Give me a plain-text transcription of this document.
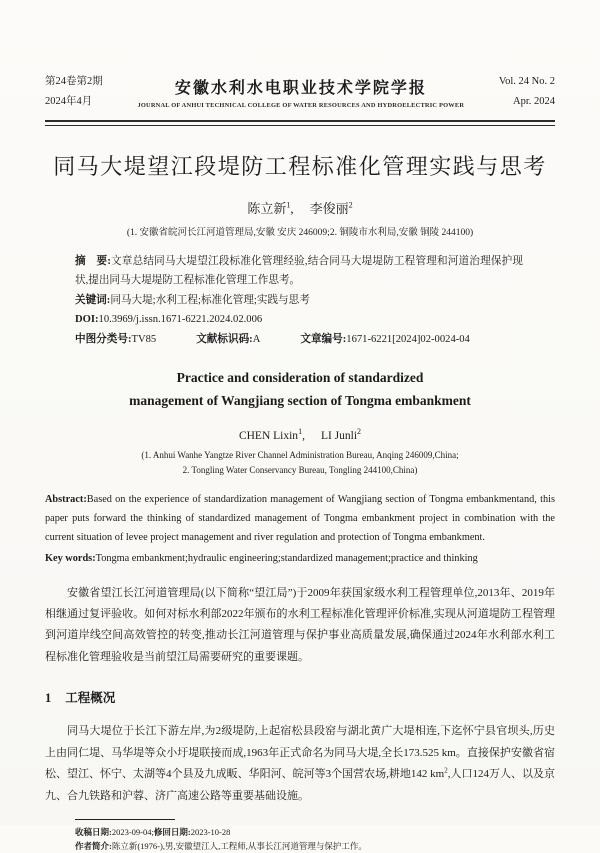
第24卷第2期
2024年4月
安徽水利水电职业技术学院学报
JOURNAL OF ANHUI TECHNICAL COLLEGE OF WATER RESOURCES AND HYDROELECTRIC POWER
Vol. 24 No. 2
Apr. 2024
同马大堤望江段堤防工程标准化管理实践与思考
陈立新$^1$, 李俊丽$^2$
(1. 安徽省皖河长江河道管理局,安徽 安庆 246009;2. 铜陵市水利局,安徽 铜陵 244100)
摘　要:文章总结同马大堤望江段标准化管理经验,结合同马大堤堤防工程管理和河道治理保护现状,提出同马大堤堤防工程标准化管理工作思考。
关键词:同马大堤;水利工程;标准化管理;实践与思考
DOI:10.3969/j.issn.1671-6221.2024.02.006
中图分类号:TV85	文献标识码:A	文章编号:1671-6221[2024]02-0024-04
Practice and consideration of standardized
management of Wangjiang section of Tongma embankment
CHEN Lixin$^1$, LI Junli$^2$
(1. Anhui Wanhe Yangtze River Channel Administration Bureau, Anqing 246009,China;
2. Tongling Water Conservancy Bureau, Tongling 244100,China)
Abstract:Based on the experience of standardization management of Wangjiang section of Tongma embankmentand, this paper puts forward the thinking of standardized management of Tongma embankment project in combination with the current situation of levee project management and river regulation and protection of Tongma embankment.
Key words:Tongma embankment;hydraulic engineering;standardized management;practice and thinking
安徽省望江长江河道管理局(以下简称“望江局”)于2009年获国家级水利工程管理单位,2013年、2019年相继通过复评验收。如何对标水利部2022年颁布的水利工程标准化管理评价标准,实现从河道堤防工程管理到河道岸线空间高效管控的转变,推动长江河道管理与保护事业高质量发展,确保通过2024年水利部水利工程标准化管理验收是当前望江局需要研究的重要课题。
1 工程概况
同马大堤位于长江下游左岸,为2级堤防,上起宿松县段窑与湖北黄广大堤相连,下迄怀宁县官坝头,历史上由同仁堤、马华堤等众小圩堤联接而成,1963年正式命名为同马大堤,全长173.525 km。直接保护安徽省宿松、望江、怀宁、太湖等4个县及九成畈、华阳河、皖河等3个国营农场,耕地142 $km^2$,人口124万人、以及京九、合九铁路和沪蓉、济广高速公路等重要基础设施。
收稿日期:2023-09-04;修回日期:2023-10-28
作者简介:陈立新(1976-),男,安徽望江人,工程师,从事长江河道管理与保护工作。
